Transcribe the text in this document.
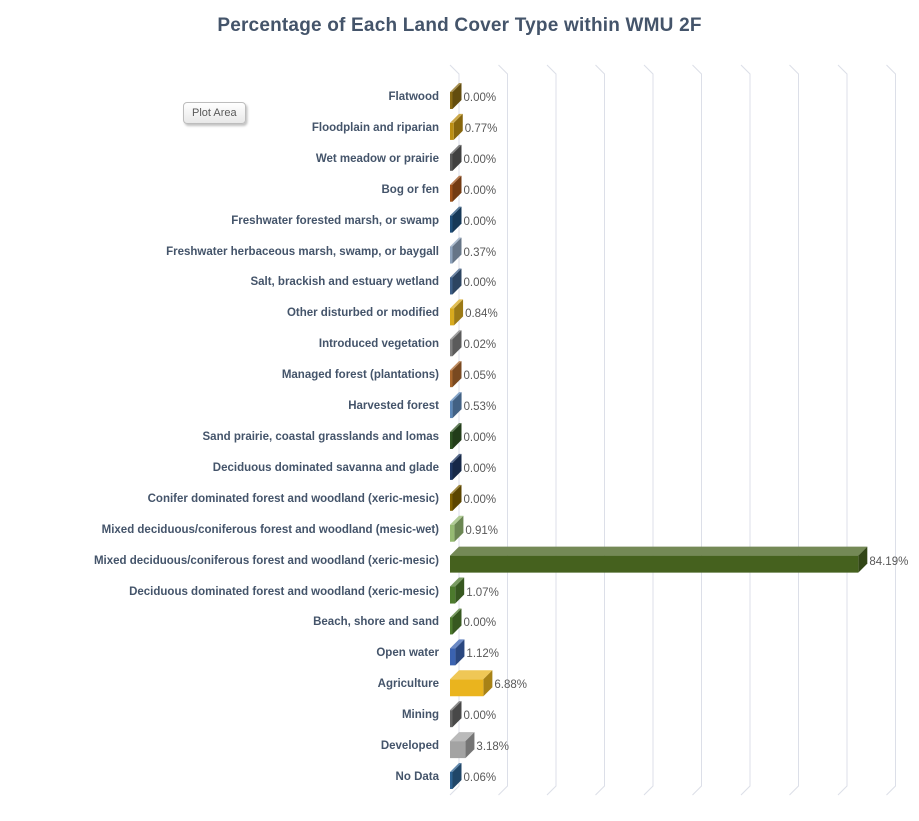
Percentage of Each Land Cover Type within WMU 2F
Flatwood 0.00%
Floodplain and riparian 0.77%
Wet meadow or prairie 0.00%
Bog or fen 0.00%
Freshwater forested marsh, or swamp 0.00%
Freshwater herbaceous marsh, swamp, or baygall 0.37%
Salt, brackish and estuary wetland 0.00%
Other disturbed or modified 0.84%
Introduced vegetation 0.02%
Managed forest (plantations) 0.05%
Harvested forest 0.53%
Sand prairie, coastal grasslands and lomas 0.00%
Deciduous dominated savanna and glade 0.00%
Conifer dominated forest and woodland (xeric-mesic) 0.00%
Mixed deciduous/coniferous forest and woodland (mesic-wet) 0.91%
Mixed deciduous/coniferous forest and woodland (xeric-mesic)	84.19%
Deciduous dominated forest and woodland (xeric-mesic) 1.07%
Beach, shore and sand 0.00%
Open water 1.12%
Agriculture	6.88%
Mining 0.00%
Developed	3.18%
No Data 0.06%
Plot Area
